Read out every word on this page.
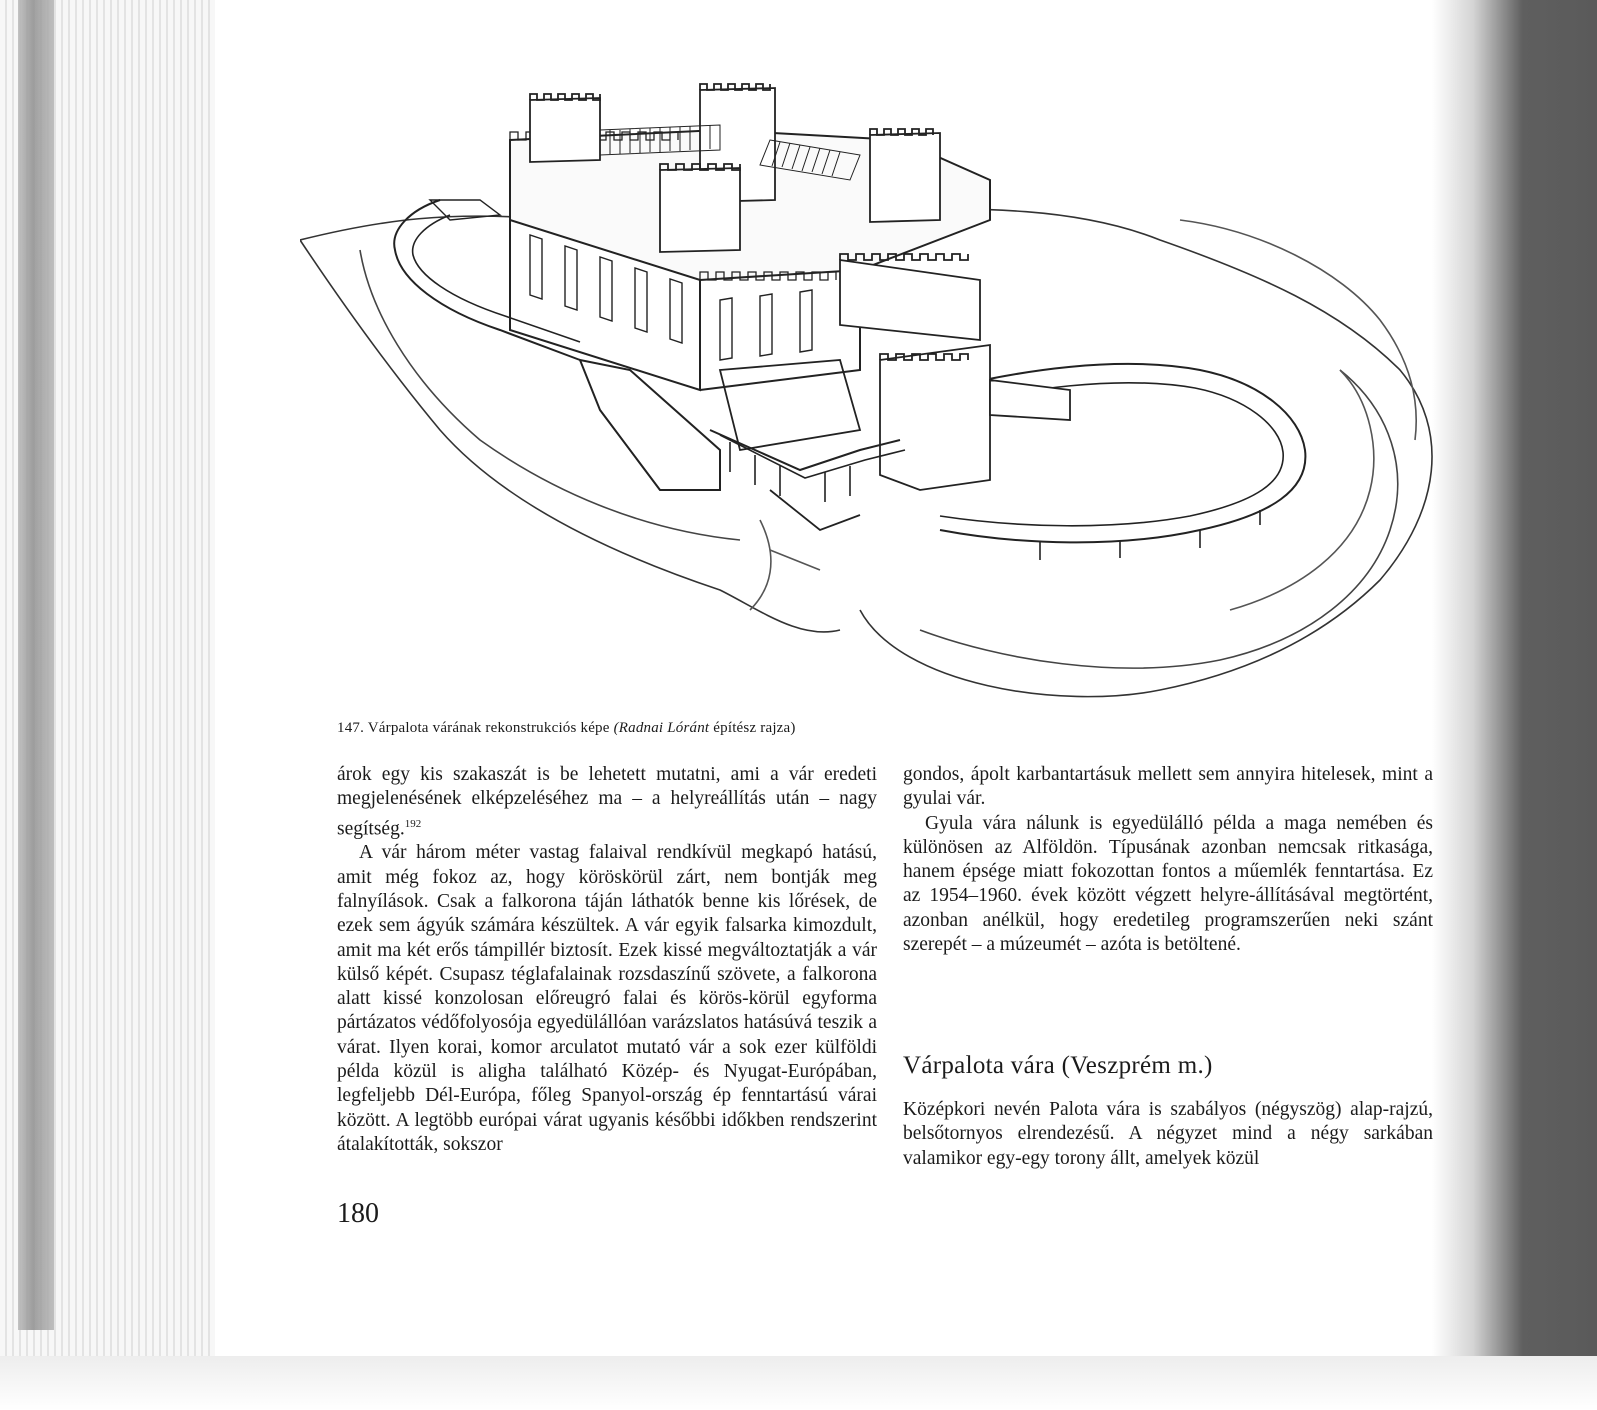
147. Várpalota várának rekonstrukciós képe (Radnai Lóránt építész rajza)

árok egy kis szakaszát is be lehetett mutatni, ami a vár eredeti megjelenésének elképzeléséhez ma – a helyreállítás után – nagy segítség.$^{192}$

A vár három méter vastag falaival rendkívül megkapó hatású, amit még fokoz az, hogy köröskörül zárt, nem bontják meg falnyílások. Csak a falkorona táján láthatók benne kis lőrések, de ezek sem ágyúk számára készültek. A vár egyik falsarka kimozdult, amit ma két erős támpillér biztosít. Ezek kissé megváltoztatják a vár külső képét. Csupasz téglafalainak rozsdaszínű szövete, a falkorona alatt kissé konzolosan előreugró falai és körös-körül egyforma pártázatos védőfolyosója egyedülállóan varázslatos hatásúvá teszik a várat. Ilyen korai, komor arculatot mutató vár a sok ezer külföldi példa közül is aligha található Közép- és Nyugat-Európában, legfeljebb Dél-Európa, főleg Spanyol-ország ép fenntartású várai között. A legtöbb európai várat ugyanis későbbi időkben rendszerint átalakították, sokszor

gondos, ápolt karbantartásuk mellett sem annyira hitelesek, mint a gyulai vár.

Gyula vára nálunk is egyedülálló példa a maga nemében és különösen az Alföldön. Típusának azonban nemcsak ritkasága, hanem épsége miatt fokozottan fontos a műemlék fenntartása. Ez az 1954–1960. évek között végzett helyre-állításával megtörtént, azonban anélkül, hogy eredetileg programszerűen neki szánt szerepét – a múzeumét – azóta is betöltené.

Várpalota vára (Veszprém m.)

Középkori nevén Palota vára is szabályos (négyszög) alap-rajzú, belsőtornyos elrendezésű. A négyzet mind a négy sarkában valamikor egy-egy torony állt, amelyek közül

180
